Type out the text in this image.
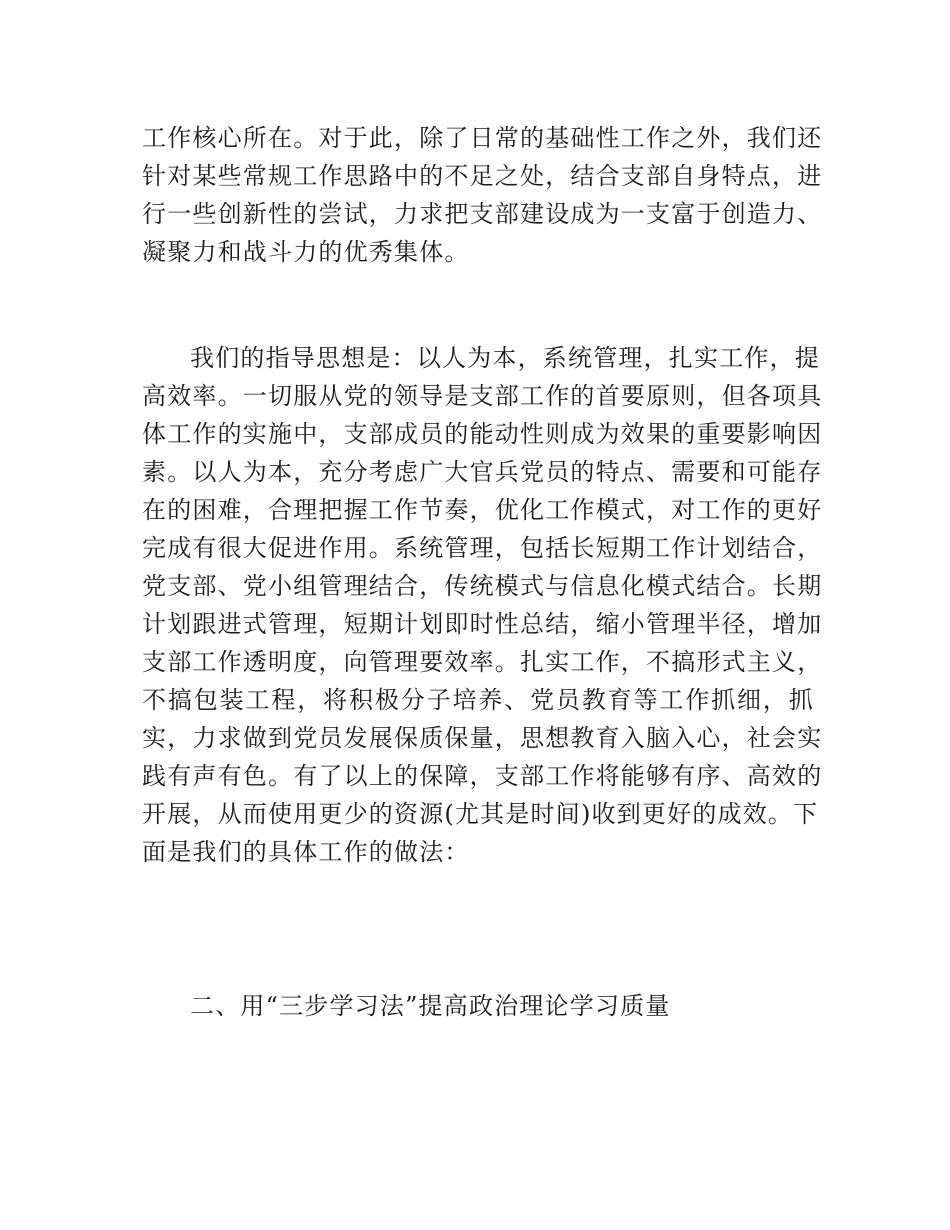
工作核心所在。对于此，除了日常的基础性工作之外，我们还
针对某些常规工作思路中的不足之处，结合支部自身特点，进
行一些创新性的尝试，力求把支部建设成为一支富于创造力、
凝聚力和战斗力的优秀集体。
我们的指导思想是：以人为本，系统管理，扎实工作，提
高效率。一切服从党的领导是支部工作的首要原则，但各项具
体工作的实施中，支部成员的能动性则成为效果的重要影响因
素。以人为本，充分考虑广大官兵党员的特点、需要和可能存
在的困难，合理把握工作节奏，优化工作模式，对工作的更好
完成有很大促进作用。系统管理，包括长短期工作计划结合，
党支部、党小组管理结合，传统模式与信息化模式结合。长期
计划跟进式管理，短期计划即时性总结，缩小管理半径，增加
支部工作透明度，向管理要效率。扎实工作，不搞形式主义，
不搞包装工程，将积极分子培养、党员教育等工作抓细，抓
实，力求做到党员发展保质保量，思想教育入脑入心，社会实
践有声有色。有了以上的保障，支部工作将能够有序、高效的
开展，从而使用更少的资源(尤其是时间)收到更好的成效。下
面是我们的具体工作的做法：
二、用“三步学习法”提高政治理论学习质量
